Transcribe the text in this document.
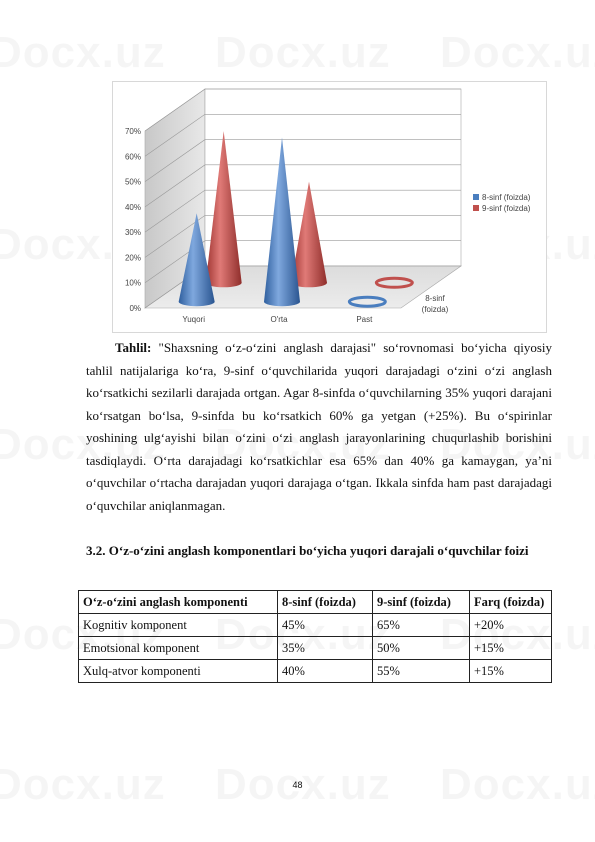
0%
10%
20%
30%
40%
50%
60%
70%
Yuqori	O'rta	Past
8-sinf
(foizda)
8-sinf (foizda)
9-sinf (foizda)
Tahlil: "Shaxsning o‘z-o‘zini anglash darajasi" so‘rovnomasi bo‘yicha qiyosiy tahlil natijalariga ko‘ra, 9-sinf o‘quvchilarida yuqori darajadagi o‘zini o‘zi anglash ko‘rsatkichi sezilarli darajada ortgan. Agar 8-sinfda o‘quvchilarning 35% yuqori darajani ko‘rsatgan bo‘lsa, 9-sinfda bu ko‘rsatkich 60% ga yetgan (+25%). Bu o‘spirinlar yoshining ulg‘ayishi bilan o‘zini o‘zi anglash jarayonlarining chuqurlashib borishini tasdiqlaydi. O‘rta darajadagi ko‘rsatkichlar esa 65% dan 40% ga kamaygan, ya’ni o‘quvchilar o‘rtacha darajadan yuqori darajaga o‘tgan. Ikkala sinfda ham past darajadagi o‘quvchilar aniqlanmagan.
3.2. O‘z-o‘zini anglash komponentlari bo‘yicha yuqori darajali o‘quvchilar foizi
O‘z-o‘zini anglash komponenti	8-sinf (foizda)	9-sinf (foizda)	Farq (foizda)
Kognitiv komponent	45%	65%	+20%
Emotsional komponent	35%	50%	+15%
Xulq-atvor komponenti	40%	55%	+15%
48
